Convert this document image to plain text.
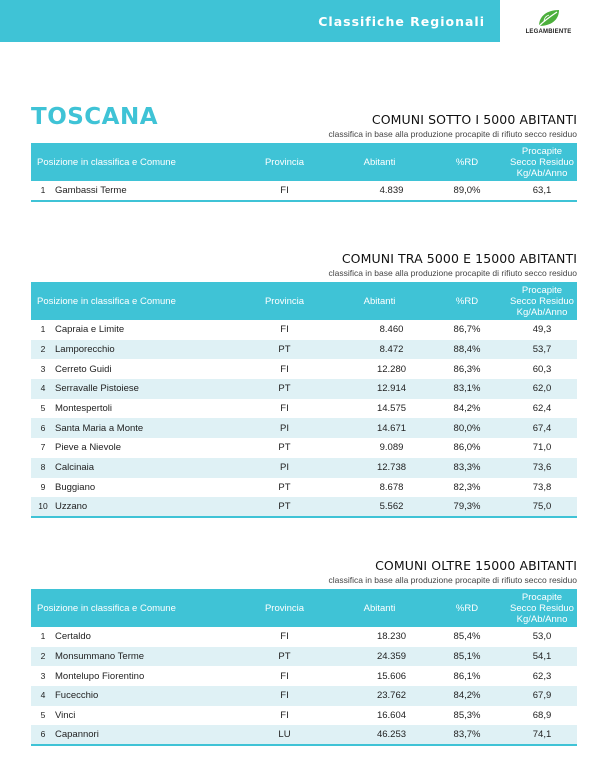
Classifiche Regionali
LEGAMBIENTE
TOSCANA	COMUNI SOTTO I 5000 ABITANTI
classifica in base alla produzione procapite di rifiuto secco residuo
Posizione in classifica e Comune	Provincia	Abitanti	%RD	Procapite
Secco Residuo
Kg/Ab/Anno
1 Gambassi Terme	FI	4.839	89,0%	63,1
COMUNI TRA 5000 E 15000 ABITANTI
classifica in base alla produzione procapite di rifiuto secco residuo
Posizione in classifica e Comune	Provincia	Abitanti	%RD	Procapite
Secco Residuo
Kg/Ab/Anno
1 Capraia e Limite	FI	8.460	86,7%	49,3
2 Lamporecchio	PT	8.472	88,4%	53,7
3 Cerreto Guidi	FI	12.280	86,3%	60,3
4 Serravalle Pistoiese	PT	12.914	83,1%	62,0
5 Montespertoli	FI	14.575	84,2%	62,4
6 Santa Maria a Monte	PI	14.671	80,0%	67,4
7 Pieve a Nievole	PT	9.089	86,0%	71,0
8 Calcinaia	PI	12.738	83,3%	73,6
9 Buggiano	PT	8.678	82,3%	73,8
10 Uzzano	PT	5.562	79,3%	75,0
COMUNI OLTRE 15000 ABITANTI
classifica in base alla produzione procapite di rifiuto secco residuo
Posizione in classifica e Comune	Provincia	Abitanti	%RD	Procapite
Secco Residuo
Kg/Ab/Anno
1 Certaldo	FI	18.230	85,4%	53,0
2 Monsummano Terme	PT	24.359	85,1%	54,1
3 Montelupo Fiorentino	FI	15.606	86,1%	62,3
4 Fucecchio	FI	23.762	84,2%	67,9
5 Vinci	FI	16.604	85,3%	68,9
6 Capannori	LU	46.253	83,7%	74,1
